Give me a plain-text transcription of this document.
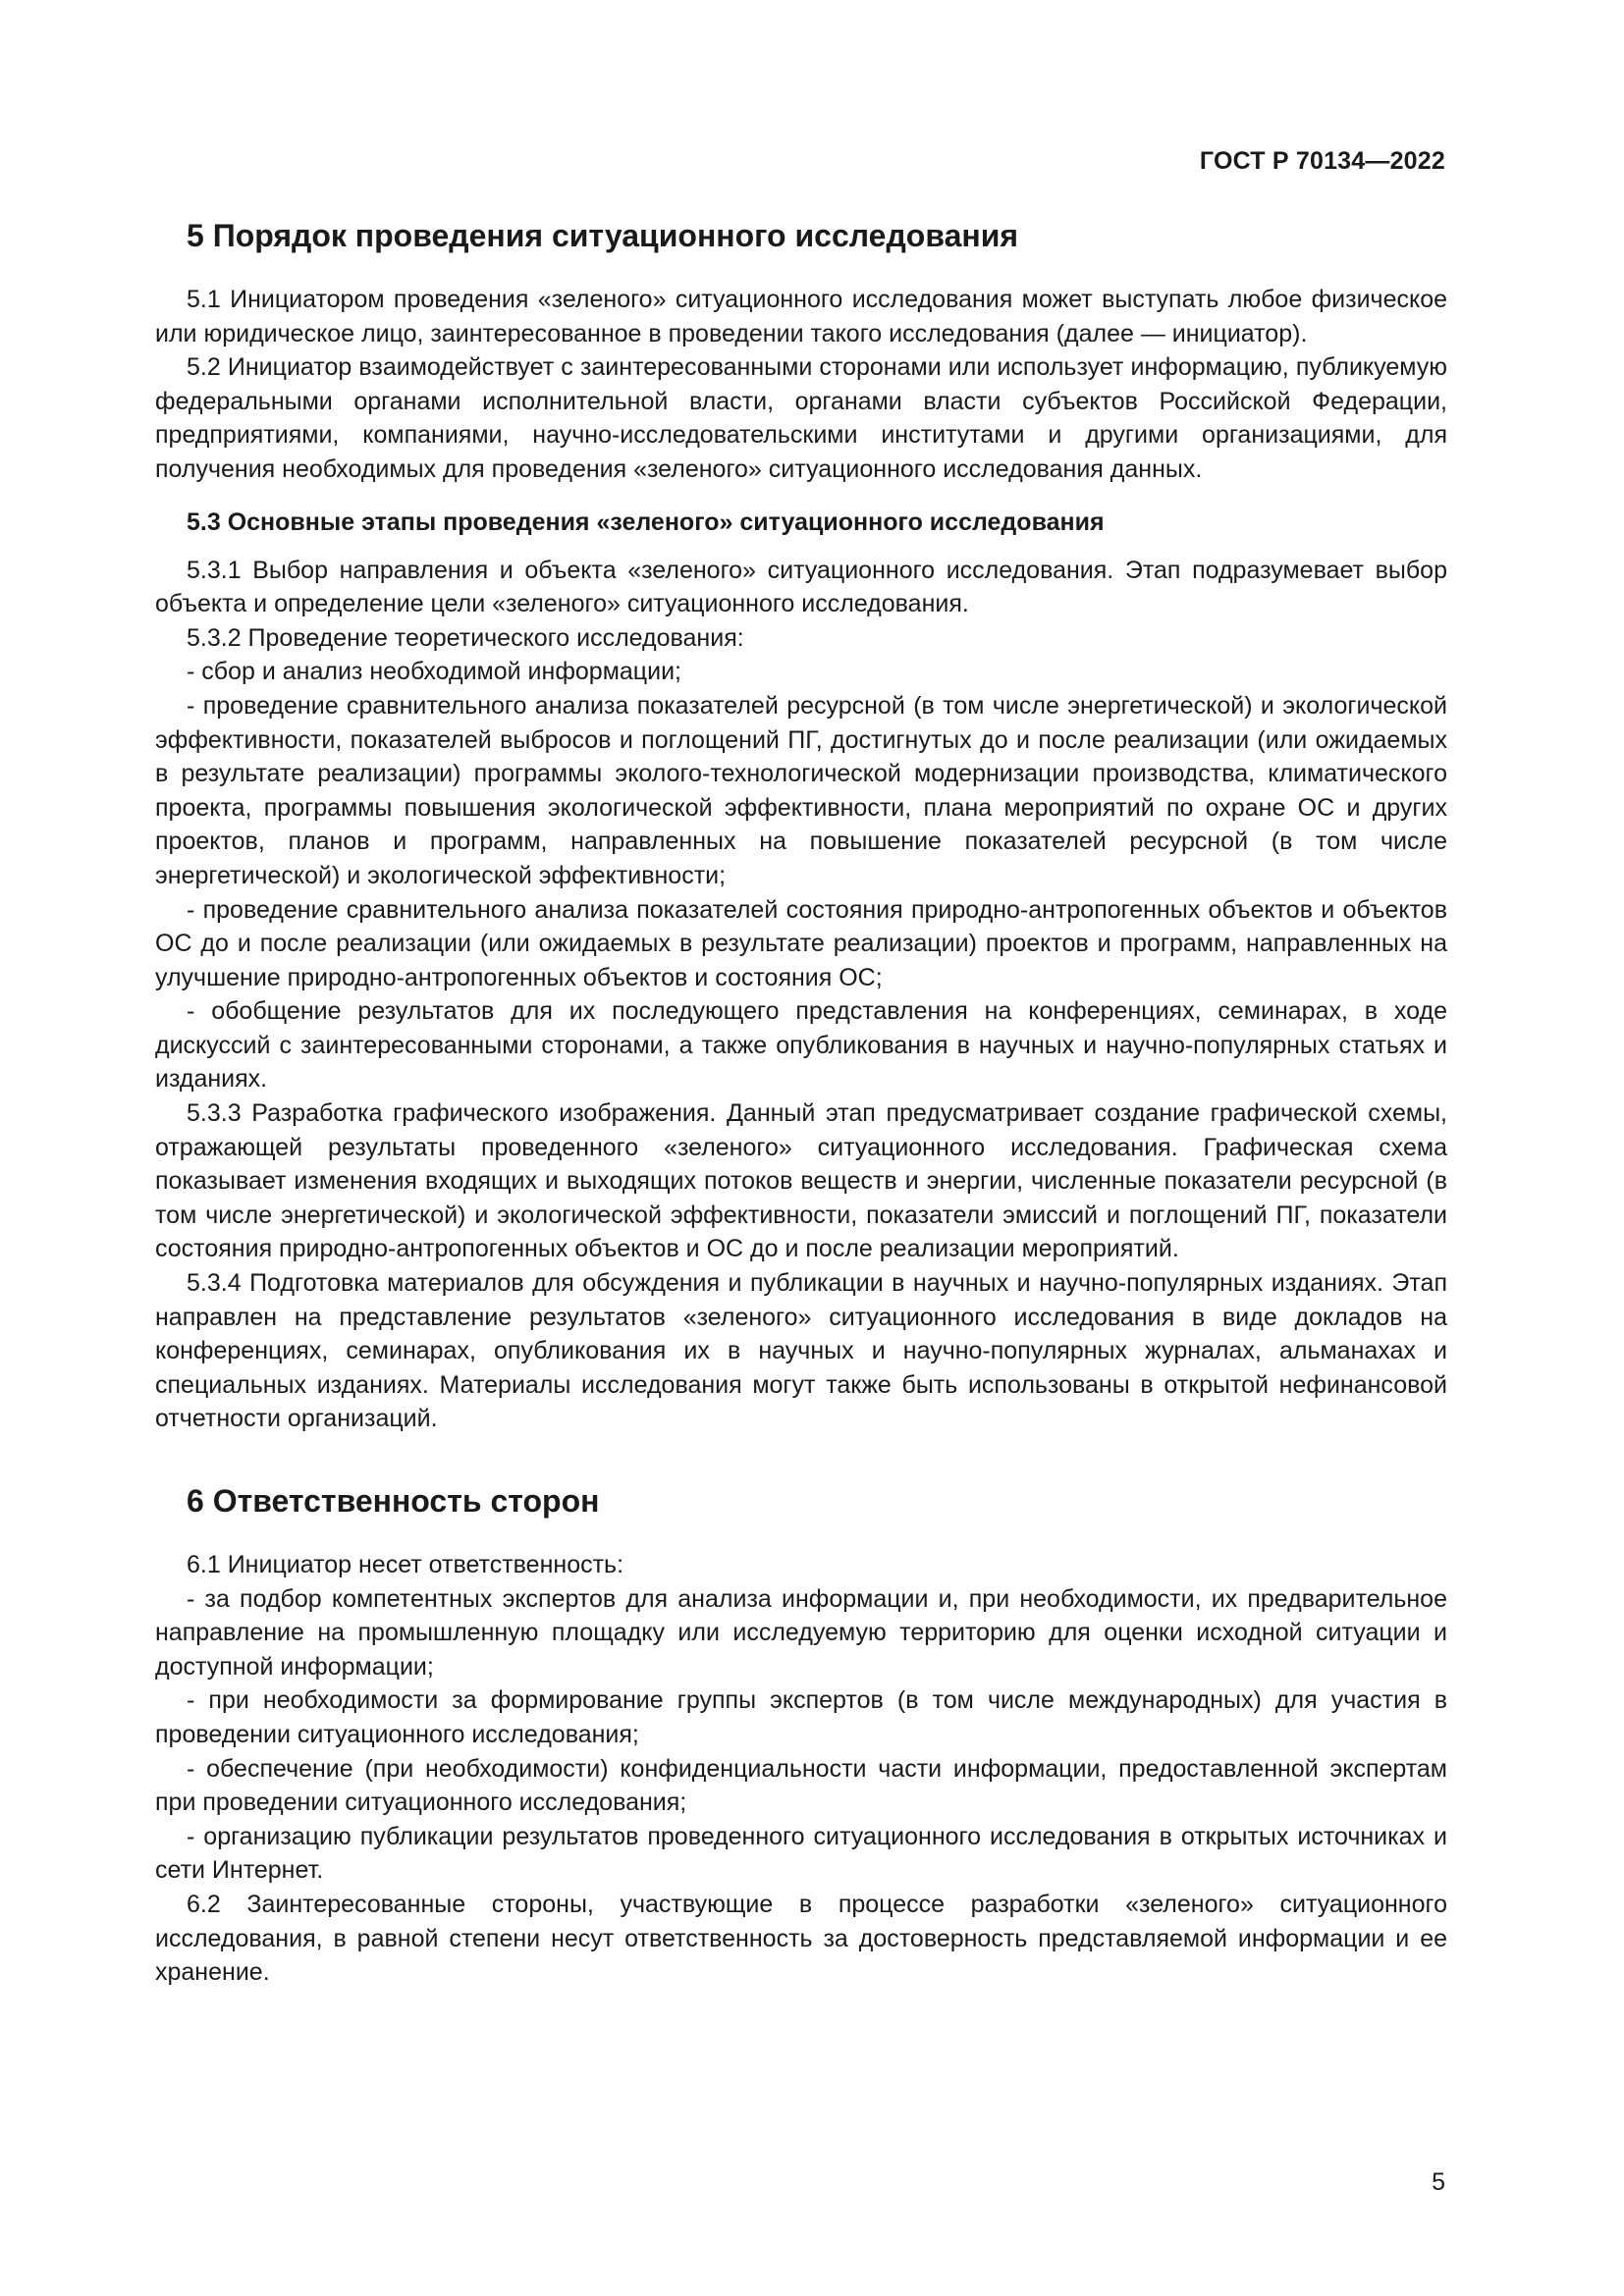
ГОСТ Р 70134—2022
5 Порядок проведения ситуационного исследования

5.1 Инициатором проведения «зеленого» ситуационного исследования может выступать любое физическое или юридическое лицо, заинтересованное в проведении такого исследования (далее — инициатор).

5.2 Инициатор взаимодействует с заинтересованными сторонами или использует информацию, публикуемую федеральными органами исполнительной власти, органами власти субъектов Российской Федерации, предприятиями, компаниями, научно-исследовательскими институтами и другими организациями, для получения необходимых для проведения «зеленого» ситуационного исследования данных.

5.3 Основные этапы проведения «зеленого» ситуационного исследования

5.3.1 Выбор направления и объекта «зеленого» ситуационного исследования. Этап подразумевает выбор объекта и определение цели «зеленого» ситуационного исследования.

5.3.2 Проведение теоретического исследования:

- сбор и анализ необходимой информации;

- проведение сравнительного анализа показателей ресурсной (в том числе энергетической) и экологической эффективности, показателей выбросов и поглощений ПГ, достигнутых до и после реализации (или ожидаемых в результате реализации) программы эколого-технологической модернизации производства, климатического проекта, программы повышения экологической эффективности, плана мероприятий по охране ОС и других проектов, планов и программ, направленных на повышение показателей ресурсной (в том числе энергетической) и экологической эффективности;

- проведение сравнительного анализа показателей состояния природно-антропогенных объектов и объектов ОС до и после реализации (или ожидаемых в результате реализации) проектов и программ, направленных на улучшение природно-антропогенных объектов и состояния ОС;

- обобщение результатов для их последующего представления на конференциях, семинарах, в ходе дискуссий с заинтересованными сторонами, а также опубликования в научных и научно-популярных статьях и изданиях.

5.3.3 Разработка графического изображения. Данный этап предусматривает создание графической схемы, отражающей результаты проведенного «зеленого» ситуационного исследования. Графическая схема показывает изменения входящих и выходящих потоков веществ и энергии, численные показатели ресурсной (в том числе энергетической) и экологической эффективности, показатели эмиссий и поглощений ПГ, показатели состояния природно-антропогенных объектов и ОС до и после реализации мероприятий.

5.3.4 Подготовка материалов для обсуждения и публикации в научных и научно-популярных изданиях. Этап направлен на представление результатов «зеленого» ситуационного исследования в виде докладов на конференциях, семинарах, опубликования их в научных и научно-популярных журналах, альманахах и специальных изданиях. Материалы исследования могут также быть использованы в открытой нефинансовой отчетности организаций.

6 Ответственность сторон

6.1 Инициатор несет ответственность:

- за подбор компетентных экспертов для анализа информации и, при необходимости, их предварительное направление на промышленную площадку или исследуемую территорию для оценки исходной ситуации и доступной информации;

- при необходимости за формирование группы экспертов (в том числе международных) для участия в проведении ситуационного исследования;

- обеспечение (при необходимости) конфиденциальности части информации, предоставленной экспертам при проведении ситуационного исследования;

- организацию публикации результатов проведенного ситуационного исследования в открытых источниках и сети Интернет.

6.2 Заинтересованные стороны, участвующие в процессе разработки «зеленого» ситуационного исследования, в равной степени несут ответственность за достоверность представляемой информации и ее хранение.

5
